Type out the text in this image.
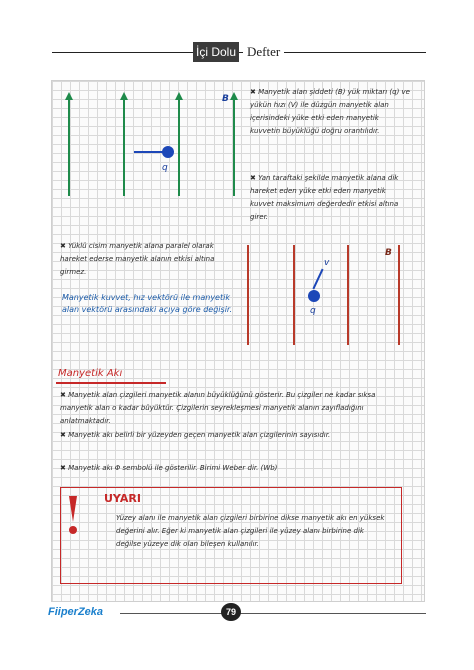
İçi Dolu Defter
B
q
✖ Manyetik alan şiddeti (B) yük miktarı (q) ve yükün hızı (V) ile düzgün manyetik alan içerisindeki yüke etki eden manyetik kuvvetin büyüklüğü doğru orantılıdır.
✖ Yan taraftaki şekilde manyetik alana dik hareket eden yüke etki eden manyetik kuvvet maksimum değerdedir etkisi altına girer.
✖ Yüklü cisim manyetik alana paralel olarak hareket ederse manyetik alanın etkisi altına girmez.
Manyetik kuvvet, hız vektörü ile manyetik alan vektörü arasındaki açıya göre değişir.
B
v
q
Manyetik Akı
✖ Manyetik alan çizgileri manyetik alanın büyüklüğünü gösterir. Bu çizgiler ne kadar sıksa manyetik alan o kadar büyüktür. Çizgilerin seyrekleşmesi manyetik alanın zayıfladığını anlatmaktadır.
✖ Manyetik akı belirli bir yüzeyden geçen manyetik alan çizgilerinin sayısıdır.
✖ Manyetik akı Φ sembolü ile gösterilir. Birimi Weber dir. (Wb)
UYARI
Yüzey alanı ile manyetik alan çizgileri birbirine dikse manyetik akı en yüksek değerini alır. Eğer ki manyetik alan çizgileri ile yüzey alanı birbirine dik değilse yüzeye dik olan bileşen kullanılır.
FiiperZeka	79
